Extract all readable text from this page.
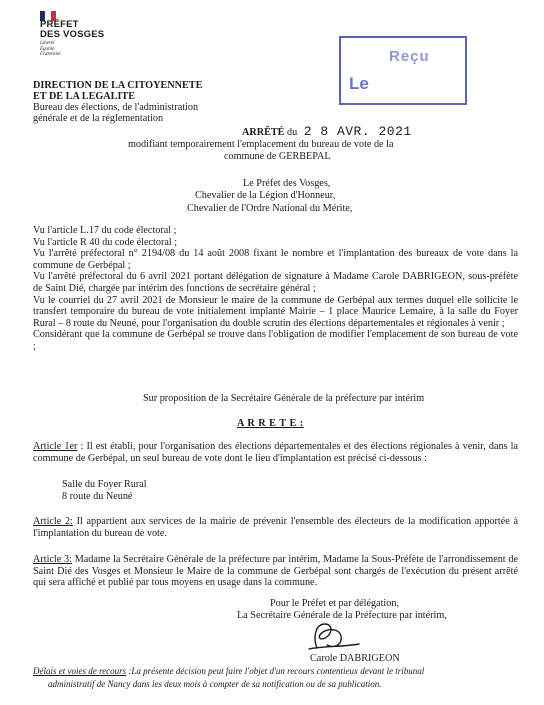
PRÉFET
DES VOSGES
Liberté
Égalité
Fraternité
DIRECTION DE LA CITOYENNETE
ET DE LA LEGALITE
Bureau des élections, de l'administration
générale et de la réglementation
Reçu
Le
ARRÊTÉ du 2 8 AVR. 2021
modifiant temporairement l'emplacement du bureau de vote de la
commune de GERBEPAL
Le Préfet des Vosges,
Chevalier de la Légion d'Honneur,
Chevalier de l'Ordre National du Mérite,
Vu l'article L.17 du code électoral ;
Vu l'article R 40 du code électoral ;
Vu l'arrêté préfectoral n° 2194/08 du 14 août 2008 fixant le nombre et l'implantation des bureaux de vote dans la commune de Gerbépal ;
Vu l'arrêté préfectoral du 6 avril 2021 portant délégation de signature à Madame Carole DABRIGEON, sous-préfète de Saint Dié, chargée par intérim des fonctions de secrétaire général ;
Vu le courriel du 27 avril 2021 de Monsieur le maire de la commune de Gerbépal aux termes duquel elle sollicite le transfert temporaire du bureau de vote initialement implanté Mairie – 1 place Maurice Lemaire, à la salle du Foyer Rural – 8 route du Neuné, pour l'organisation du double scrutin des élections départementales et régionales à venir ;
Considérant que la commune de Gerbépal se trouve dans l'obligation de modifier l'emplacement de son bureau de vote ;
Sur proposition de la Secrétaire Générale de la préfecture par intérim
A R R E T E :
Article 1er : Il est établi, pour l'organisation des élections départementales et des élections régionales à venir, dans la commune de Gerbépal, un seul bureau de vote dont le lieu d'implantation est précisé ci-dessous :
Salle du Foyer Rural
8 route du Neuné
Article 2: Il appartient aux services de la mairie de prévenir l'ensemble des électeurs de la modification apportée à l'implantation du bureau de vote.
Article 3: Madame la Secrétaire Générale de la préfecture par intérim, Madame la Sous-Préfète de l'arrondissement de Saint Dié des Vosges et Monsieur le Maire de la commune de Gerbépal sont chargés de l'exécution du présent arrêté qui sera affiché et publié par tous moyens en usage dans la commune.
Pour le Préfet et par délégation,
La Secrétaire Générale de la Préfecture par intérim,
Carole DABRIGEON
Délais et voies de recours :La présente décision peut faire l'objet d'un recours contentieux devant le tribunal
administratif de Nancy dans les deux mois à compter de sa notification ou de sa publication.
